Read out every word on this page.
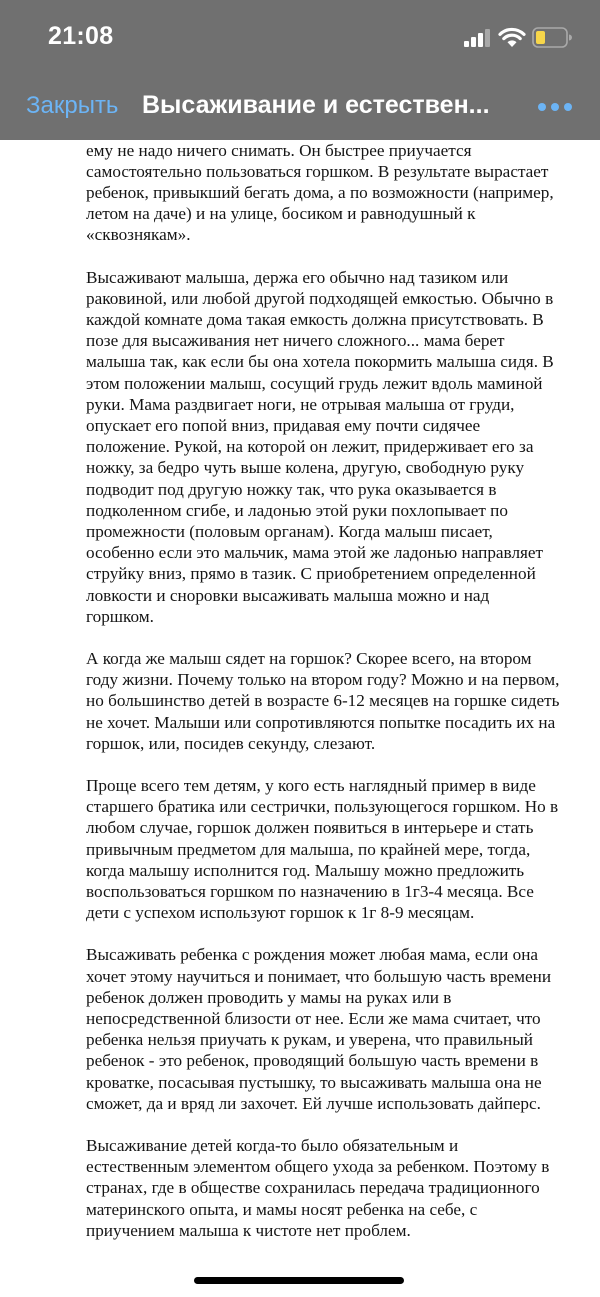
21:08
Закрыть Высаживание и естествен...

ему не надо ничего снимать. Он быстрее приучается самостоятельно пользоваться горшком. В результате вырастает ребенок, привыкший бегать дома, а по возможности (например, летом на даче) и на улице, босиком и равнодушный к «сквознякам».

Высаживают малыша, держа его обычно над тазиком или раковиной, или любой другой подходящей емкостью. Обычно в каждой комнате дома такая емкость должна присутствовать. В позе для высаживания нет ничего сложного... мама берет малыша так, как если бы она хотела покормить малыша сидя. В этом положении малыш, сосущий грудь лежит вдоль маминой руки. Мама раздвигает ноги, не отрывая малыша от груди, опускает его попой вниз, придавая ему почти сидячее положение. Рукой, на которой он лежит, придерживает его за ножку, за бедро чуть выше колена, другую, свободную руку подводит под другую ножку так, что рука оказывается в подколенном сгибе, и ладонью этой руки похлопывает по промежности (половым органам). Когда малыш писает, особенно если это мальчик, мама этой же ладонью направляет струйку вниз, прямо в тазик. С приобретением определенной ловкости и сноровки высаживать малыша можно и над горшком.

А когда же малыш сядет на горшок? Скорее всего, на втором году жизни. Почему только на втором году? Можно и на первом, но большинство детей в возрасте 6-12 месяцев на горшке сидеть не хочет. Малыши или сопротивляются попытке посадить их на горшок, или, посидев секунду, слезают.

Проще всего тем детям, у кого есть наглядный пример в виде старшего братика или сестрички, пользующегося горшком. Но в любом случае, горшок должен появиться в интерьере и стать привычным предметом для малыша, по крайней мере, тогда, когда малышу исполнится год. Малышу можно предложить воспользоваться горшком по назначению в 1г3-4 месяца. Все дети с успехом используют горшок к 1г 8-9 месяцам.

Высаживать ребенка с рождения может любая мама, если она хочет этому научиться и понимает, что большую часть времени ребенок должен проводить у мамы на руках или в непосредственной близости от нее. Если же мама считает, что ребенка нельзя приучать к рукам, и уверена, что правильный ребенок - это ребенок, проводящий большую часть времени в кроватке, посасывая пустышку, то высаживать малыша она не сможет, да и вряд ли захочет. Ей лучше использовать дайперс.

Высаживание детей когда-то было обязательным и естественным элементом общего ухода за ребенком. Поэтому в странах, где в обществе сохранилась передача традиционного материнского опыта, и мамы носят ребенка на себе, с приучением малыша к чистоте нет проблем.
